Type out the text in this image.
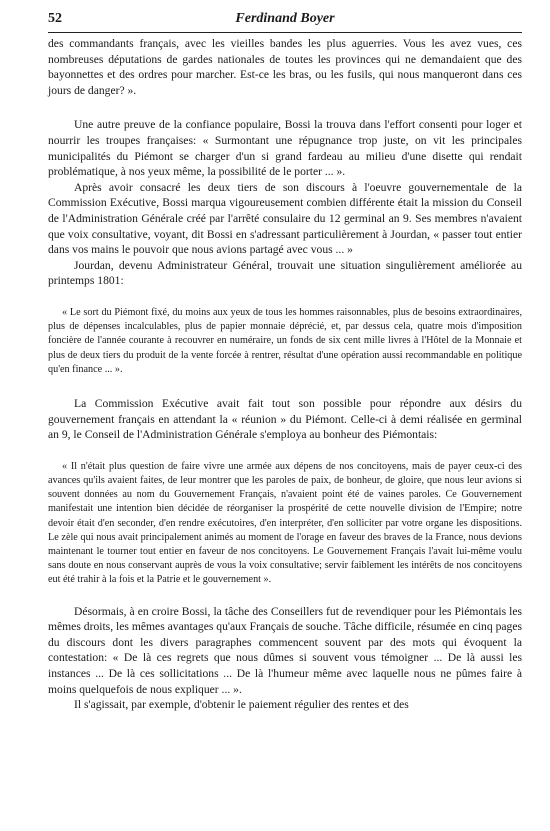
52	Ferdinand Boyer

des commandants français, avec les vieilles bandes les plus aguerries. Vous les avez vues, ces nombreuses députations de gardes nationales de toutes les provinces qui ne demandaient que des bayonnettes et des ordres pour marcher. Est-ce les bras, ou les fusils, qui nous manqueront dans ces jours de danger? ».

Une autre preuve de la confiance populaire, Bossi la trouva dans l'effort consenti pour loger et nourrir les troupes françaises: « Surmontant une répugnance trop juste, on vit les principales municipalités du Piémont se charger d'un si grand fardeau au milieu d'une disette qui rendait problématique, à nos yeux même, la possibilité de le porter ... ».

Après avoir consacré les deux tiers de son discours à l'oeuvre gouvernementale de la Commission Exécutive, Bossi marqua vigoureusement combien différente était la mission du Conseil de l'Administration Générale créé par l'arrêté consulaire du 12 germinal an 9. Ses membres n'avaient que voix consultative, voyant, dit Bossi en s'adressant particulièrement à Jourdan, « passer tout entier dans vos mains le pouvoir que nous avions partagé avec vous ... »

Jourdan, devenu Administrateur Général, trouvait une situation singulièrement améliorée au printemps 1801:

« Le sort du Piémont fixé, du moins aux yeux de tous les hommes raisonnables, plus de besoins extraordinaires, plus de dépenses incalculables, plus de papier monnaie déprécié, et, par dessus cela, quatre mois d'imposition foncière de l'année courante à recouvrer en numéraire, un fonds de six cent mille livres à l'Hôtel de la Monnaie et plus de deux tiers du produit de la vente forcée à rentrer, résultat d'une opération aussi recommandable en politique qu'en finance ... ».

La Commission Exécutive avait fait tout son possible pour répondre aux désirs du gouvernement français en attendant la « réunion » du Piémont. Celle-ci à demi réalisée en germinal an 9, le Conseil de l'Administration Générale s'employa au bonheur des Piémontais:

« Il n'était plus question de faire vivre une armée aux dépens de nos concitoyens, mais de payer ceux-ci des avances qu'ils avaient faites, de leur montrer que les paroles de paix, de bonheur, de gloire, que nous leur avions si souvent données au nom du Gouvernement Français, n'avaient point été de vaines paroles. Ce Gouvernement manifestait une intention bien décidée de réorganiser la prospérité de cette nouvelle division de l'Empire; notre devoir était d'en seconder, d'en rendre exécutoires, d'en interpréter, d'en solliciter par votre organe les dispositions. Le zèle qui nous avait principalement animés au moment de l'orage en faveur des braves de la France, nous devions maintenant le tourner tout entier en faveur de nos concitoyens. Le Gouvernement Français l'avait lui-même voulu sans doute en nous conservant auprès de vous la voix consultative; servir faiblement les intérêts de nos concitoyens eut été trahir à la fois et la Patrie et le gouvernement ».

Désormais, à en croire Bossi, la tâche des Conseillers fut de revendiquer pour les Piémontais les mêmes droits, les mêmes avantages qu'aux Français de souche. Tâche difficile, résumée en cinq pages du discours dont les divers paragraphes commencent souvent par des mots qui évoquent la contestation: « De là ces regrets que nous dûmes si souvent vous témoigner ... De là aussi les instances ... De là ces sollicitations ... De là l'humeur même avec laquelle nous ne pûmes faire à moins quelquefois de nous expliquer ... ».

Il s'agissait, par exemple, d'obtenir le paiement régulier des rentes et des
